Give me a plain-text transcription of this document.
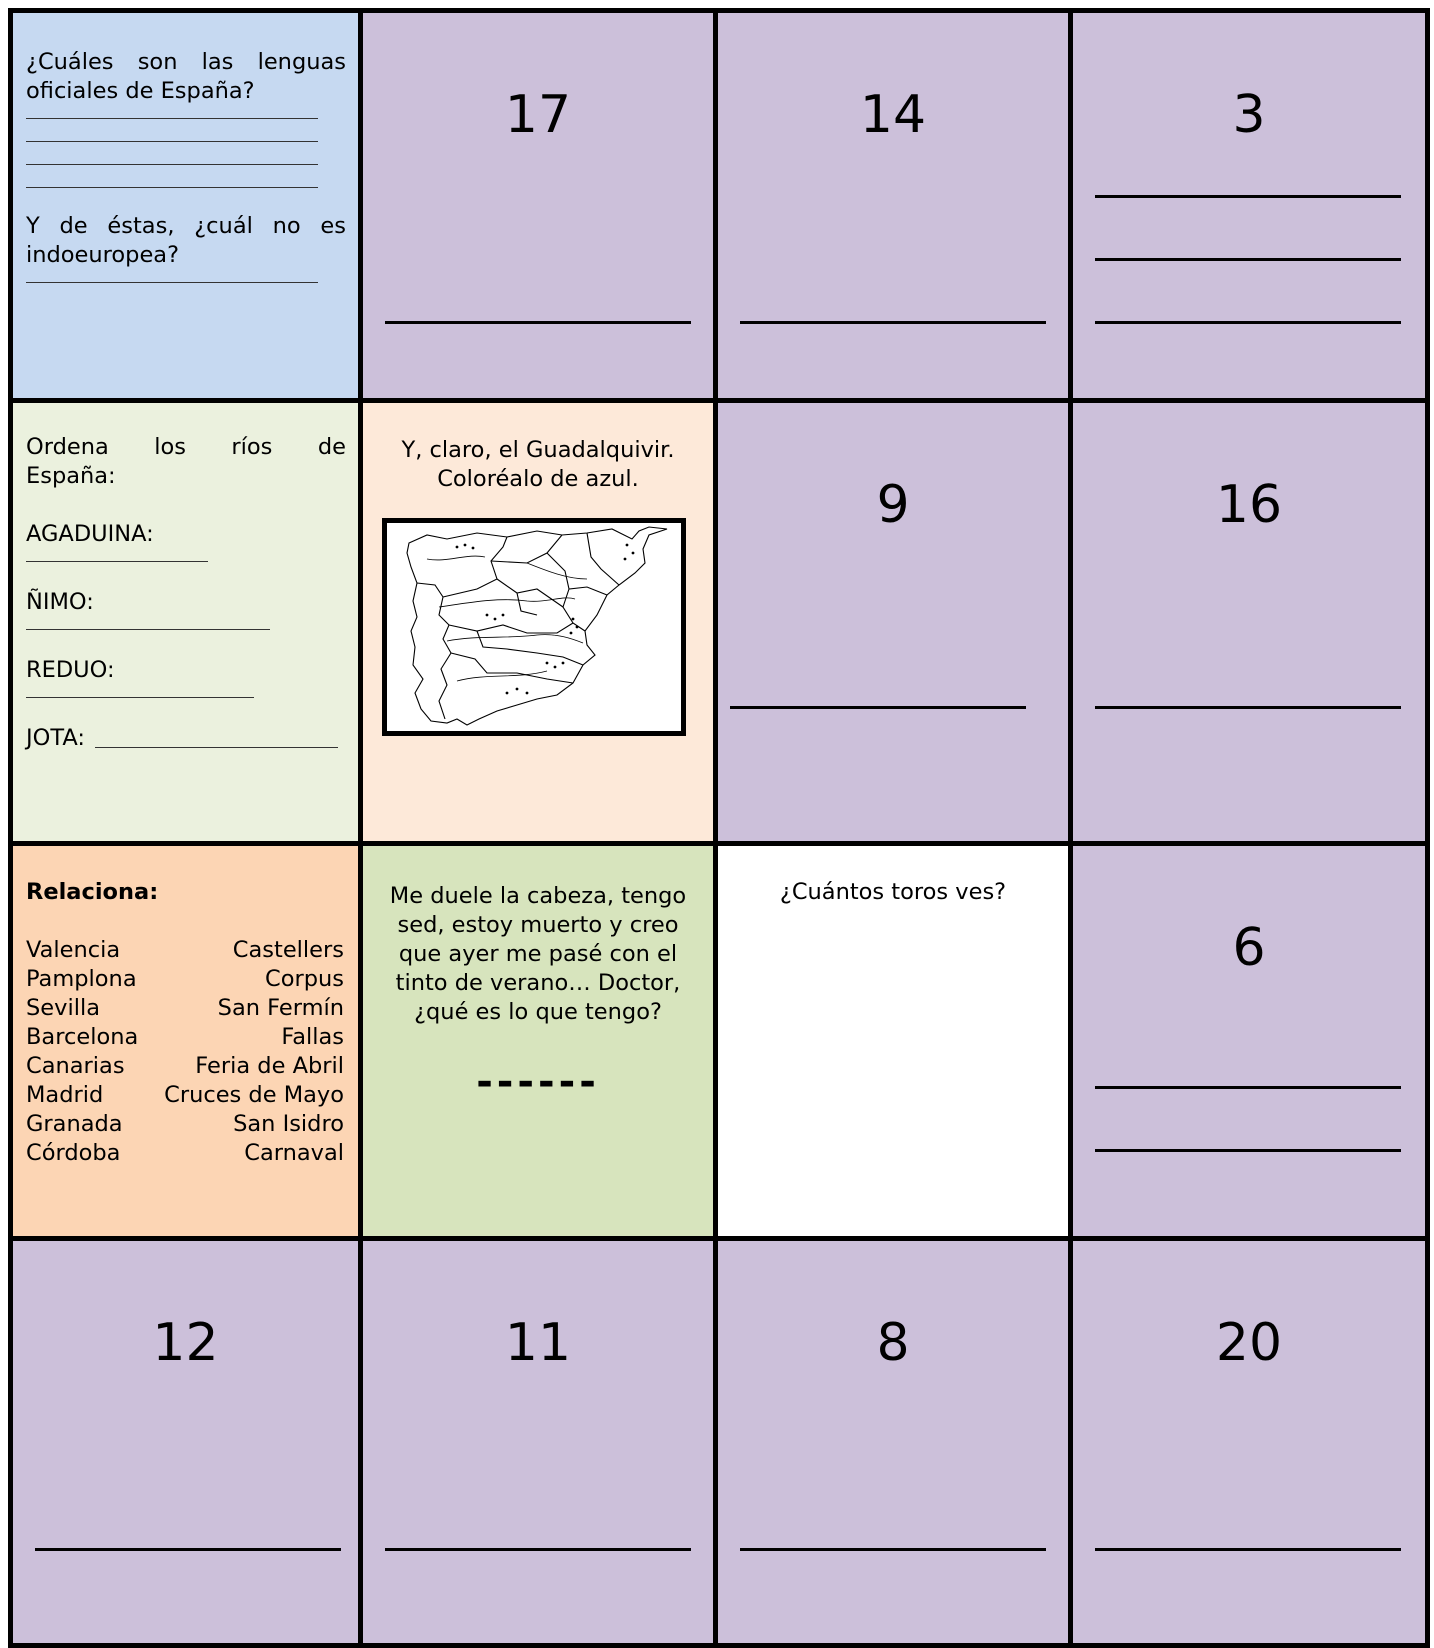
¿Cuáles son las lenguas
oficiales de España?
Y de éstas, ¿cuál no es
indoeuropea?
17	14	3
Ordena los ríos de
España:
AGADUINA:
ÑIMO:
REDUO:
JOTA:
Y, claro, el Guadalquivir.
Coloréalo de azul.	9	16
Relaciona:
Valencia	Castellers
Pamplona	Corpus
Sevilla	San Fermín
Barcelona	Fallas
Canarias	Feria de Abril
Madrid	Cruces de Mayo
Granada	San Isidro
Córdoba	Carnaval
Me duele la cabeza, tengo
sed, estoy muerto y creo
que ayer me pasé con el
tinto de verano… Doctor,
¿qué es lo que tengo?
------
¿Cuántos toros ves?
6
12	11	8	20
